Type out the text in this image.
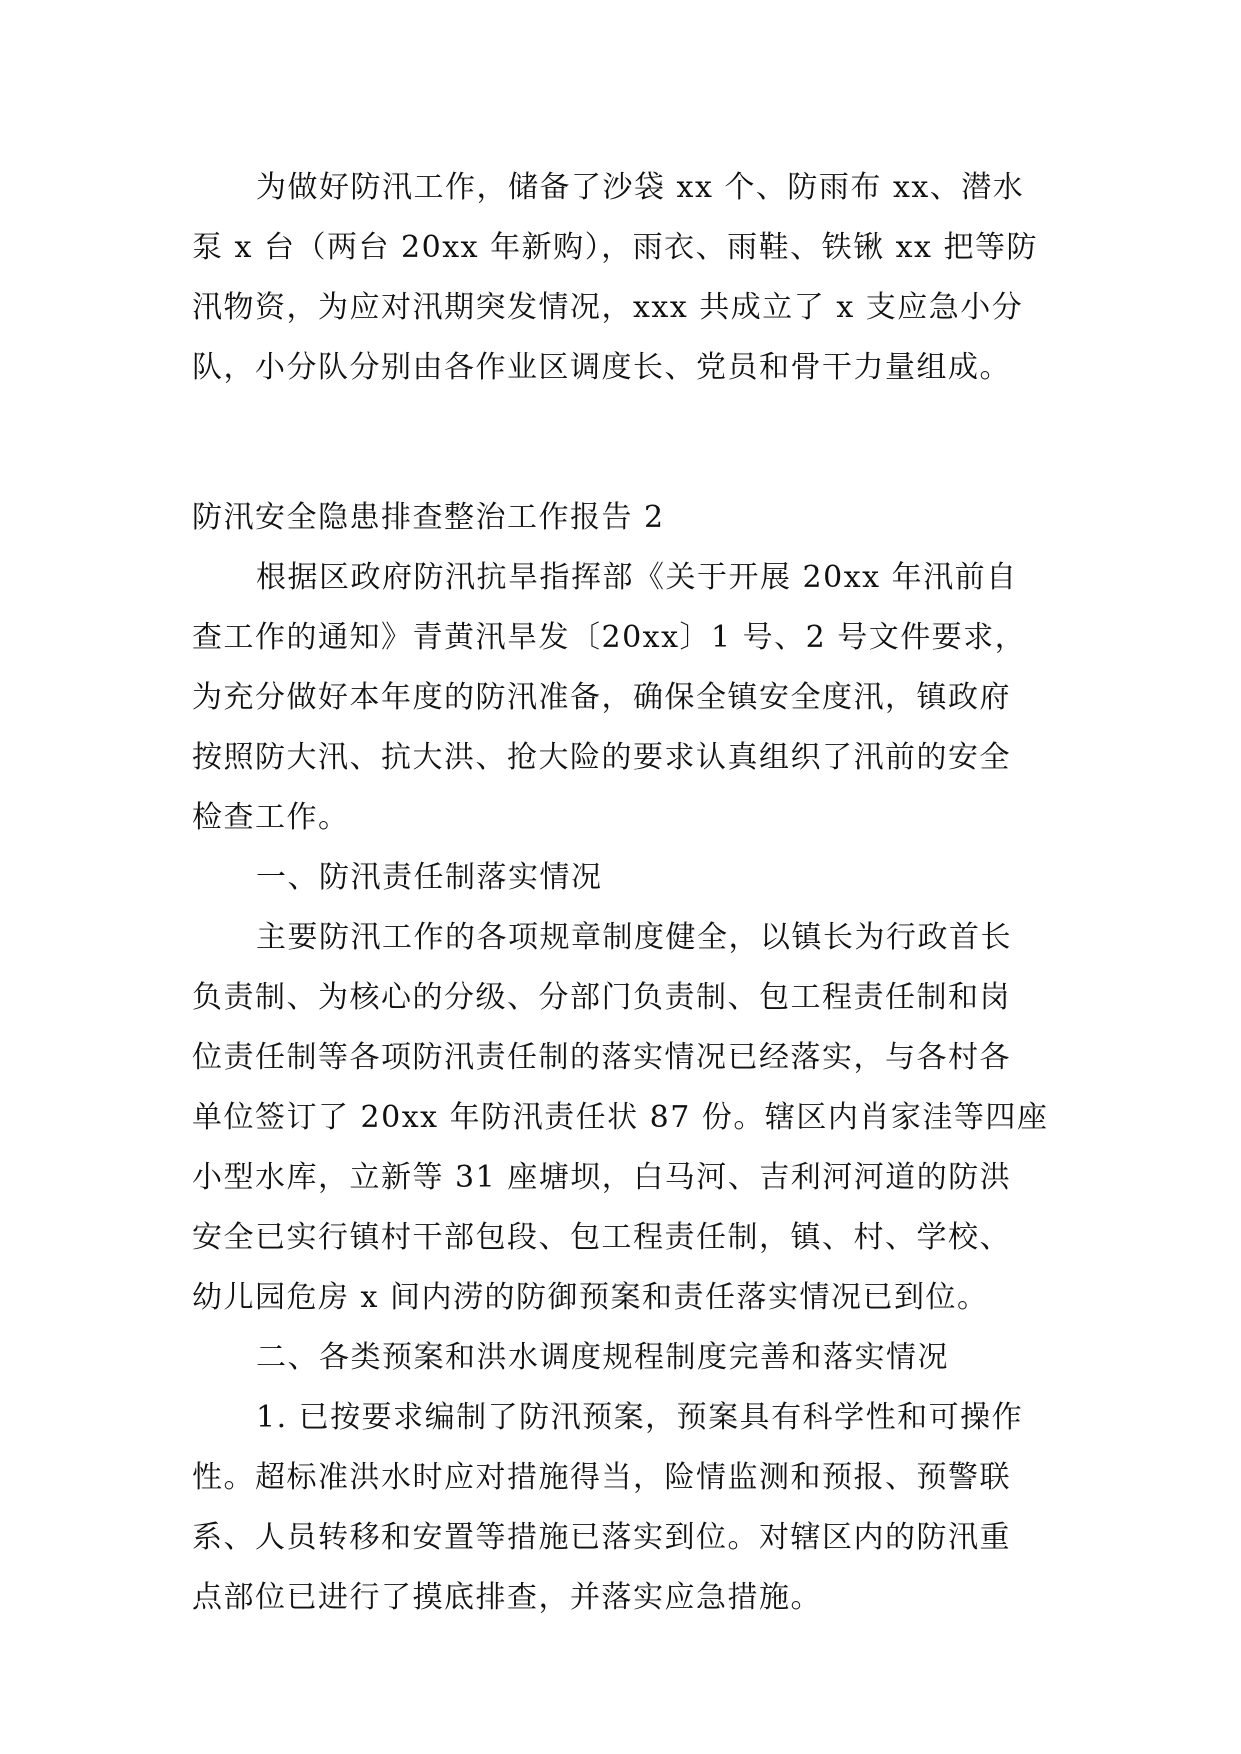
为做好防汛工作，储备了沙袋 xx 个、防雨布 xx、潜水
泵 x 台（两台 20xx 年新购），雨衣、雨鞋、铁锹 xx 把等防
汛物资，为应对汛期突发情况，xxx 共成立了 x 支应急小分
队，小分队分别由各作业区调度长、党员和骨干力量组成。
防汛安全隐患排查整治工作报告 2
根据区政府防汛抗旱指挥部《关于开展 20xx 年汛前自
查工作的通知》青黄汛旱发〔20xx〕1 号、2 号文件要求，
为充分做好本年度的防汛准备，确保全镇安全度汛，镇政府
按照防大汛、抗大洪、抢大险的要求认真组织了汛前的安全
检查工作。
一、防汛责任制落实情况
主要防汛工作的各项规章制度健全，以镇长为行政首长
负责制、为核心的分级、分部门负责制、包工程责任制和岗
位责任制等各项防汛责任制的落实情况已经落实，与各村各
单位签订了 20xx 年防汛责任状 87 份。辖区内肖家洼等四座
小型水库，立新等 31 座塘坝，白马河、吉利河河道的防洪
安全已实行镇村干部包段、包工程责任制，镇、村、学校、
幼儿园危房 x 间内涝的防御预案和责任落实情况已到位。
二、各类预案和洪水调度规程制度完善和落实情况
1. 已按要求编制了防汛预案，预案具有科学性和可操作
性。超标准洪水时应对措施得当，险情监测和预报、预警联
系、人员转移和安置等措施已落实到位。对辖区内的防汛重
点部位已进行了摸底排查，并落实应急措施。
